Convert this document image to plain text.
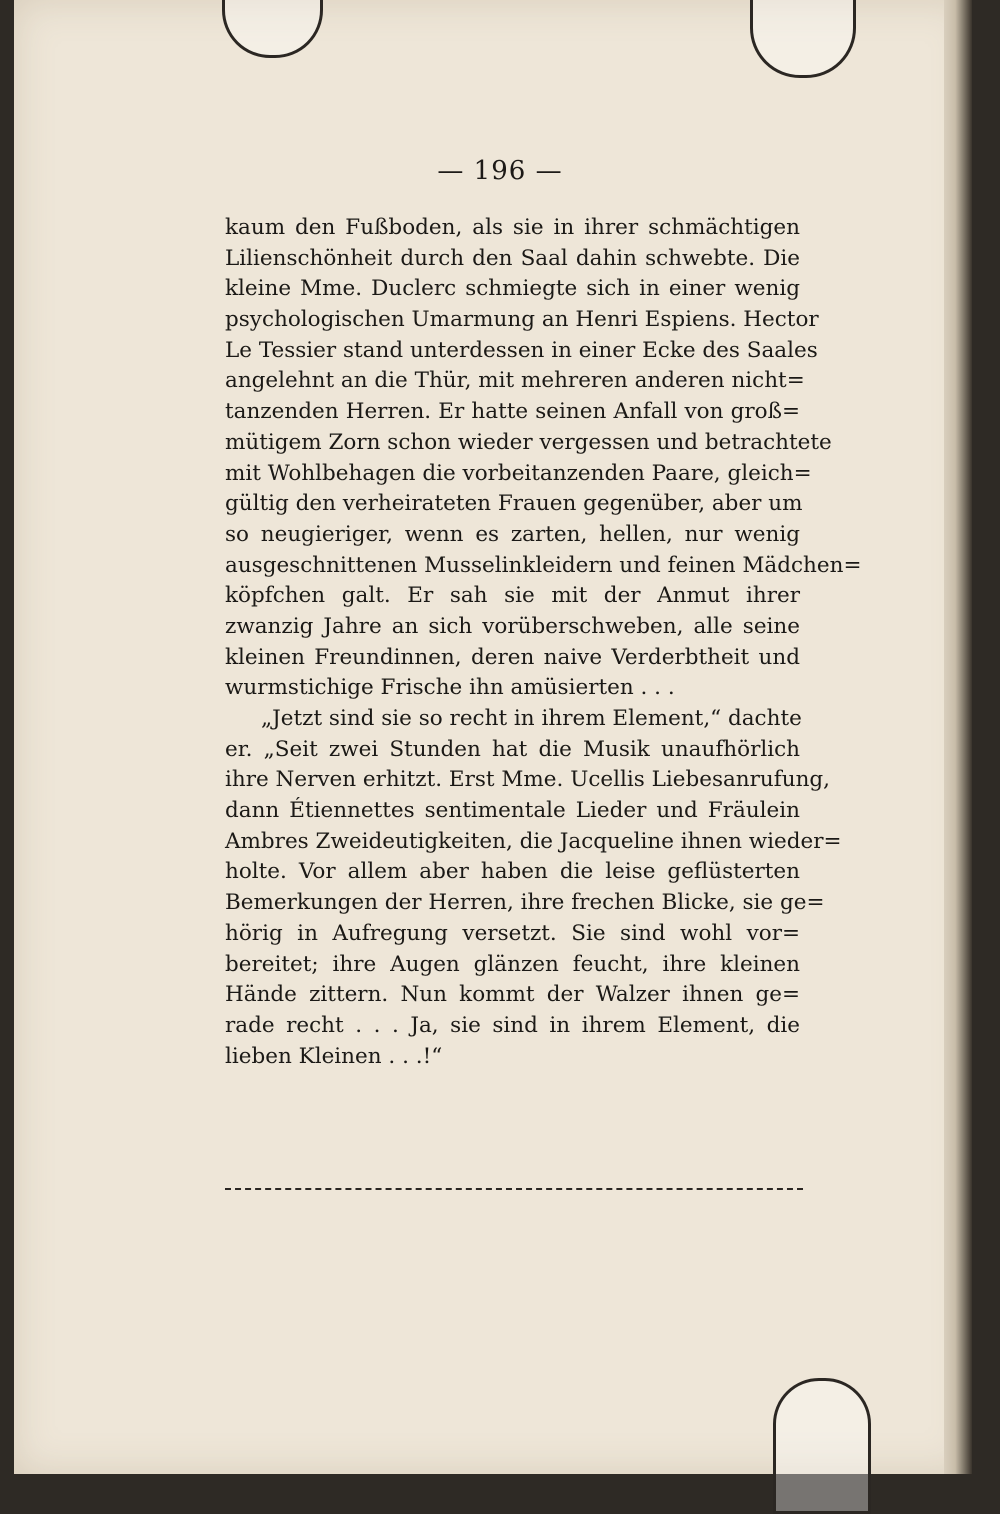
— 196 —
kaum den Fußboden, als sie in ihrer schmächtigen
Lilienschönheit durch den Saal dahin schwebte. Die
kleine Mme. Duclerc schmiegte sich in einer wenig
psychologischen Umarmung an Henri Espiens. Hector
Le Tessier stand unterdessen in einer Ecke des Saales
angelehnt an die Thür, mit mehreren anderen nicht=
tanzenden Herren. Er hatte seinen Anfall von groß=
mütigem Zorn schon wieder vergessen und betrachtete
mit Wohlbehagen die vorbeitanzenden Paare, gleich=
gültig den verheirateten Frauen gegenüber, aber um
so neugieriger, wenn es zarten, hellen, nur wenig
ausgeschnittenen Musselinkleidern und feinen Mädchen=
köpfchen galt. Er sah sie mit der Anmut ihrer
zwanzig Jahre an sich vorüberschweben, alle seine
kleinen Freundinnen, deren naive Verderbtheit und
wurmstichige Frische ihn amüsierten . . .
„Jetzt sind sie so recht in ihrem Element,“ dachte
er. „Seit zwei Stunden hat die Musik unaufhörlich
ihre Nerven erhitzt. Erst Mme. Ucellis Liebesanrufung,
dann Étiennettes sentimentale Lieder und Fräulein
Ambres Zweideutigkeiten, die Jacqueline ihnen wieder=
holte. Vor allem aber haben die leise geflüsterten
Bemerkungen der Herren, ihre frechen Blicke, sie ge=
hörig in Aufregung versetzt. Sie sind wohl vor=
bereitet; ihre Augen glänzen feucht, ihre kleinen
Hände zittern. Nun kommt der Walzer ihnen ge=
rade recht . . . Ja, sie sind in ihrem Element, die
lieben Kleinen . . .!“
